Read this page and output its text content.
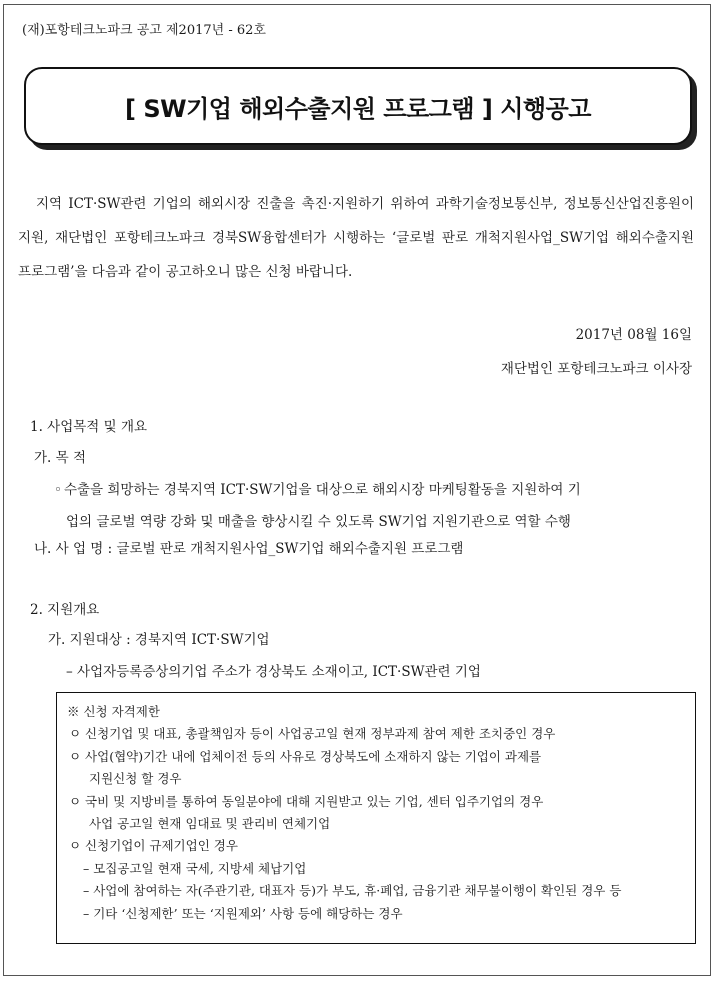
(재)포항테크노파크 공고 제2017년 - 62호
[ SW기업 해외수출지원 프로그램 ] 시행공고
지역 ICT·SW관련 기업의 해외시장 진출을 촉진·지원하기 위하여 과학기술정보통신부, 정보통신산업진흥원이 지원, 재단법인 포항테크노파크 경북SW융합센터가 시행하는 ‘글로벌 판로 개척지원사업_SW기업 해외수출지원 프로그램’을 다음과 같이 공고하오니 많은 신청 바랍니다.
2017년 08월 16일
재단법인 포항테크노파크 이사장
1. 사업목적 및 개요
가. 목 적
◦ 수출을 희망하는 경북지역 ICT·SW기업을 대상으로 해외시장 마케팅활동을 지원하여 기
업의 글로벌 역량 강화 및 매출을 향상시킬 수 있도록 SW기업 지원기관으로 역할 수행
나. 사 업 명 : 글로벌 판로 개척지원사업_SW기업 해외수출지원 프로그램
2. 지원개요
가. 지원대상 : 경북지역 ICT·SW기업
– 사업자등록증상의기업 주소가 경상북도 소재이고, ICT·SW관련 기업
※ 신청 자격제한
ㅇ 신청기업 및 대표, 총괄책임자 등이 사업공고일 현재 정부과제 참여 제한 조치중인 경우
ㅇ 사업(협약)기간 내에 업체이전 등의 사유로 경상북도에 소재하지 않는 기업이 과제를
지원신청 할 경우
ㅇ 국비 및 지방비를 통하여 동일분야에 대해 지원받고 있는 기업, 센터 입주기업의 경우
사업 공고일 현재 임대료 및 관리비 연체기업
ㅇ 신청기업이 규제기업인 경우
– 모집공고일 현재 국세, 지방세 체납기업
– 사업에 참여하는 자(주관기관, 대표자 등)가 부도, 휴·폐업, 금융기관 채무불이행이 확인된 경우 등
– 기타 ‘신청제한’ 또는 ‘지원제외’ 사항 등에 해당하는 경우
